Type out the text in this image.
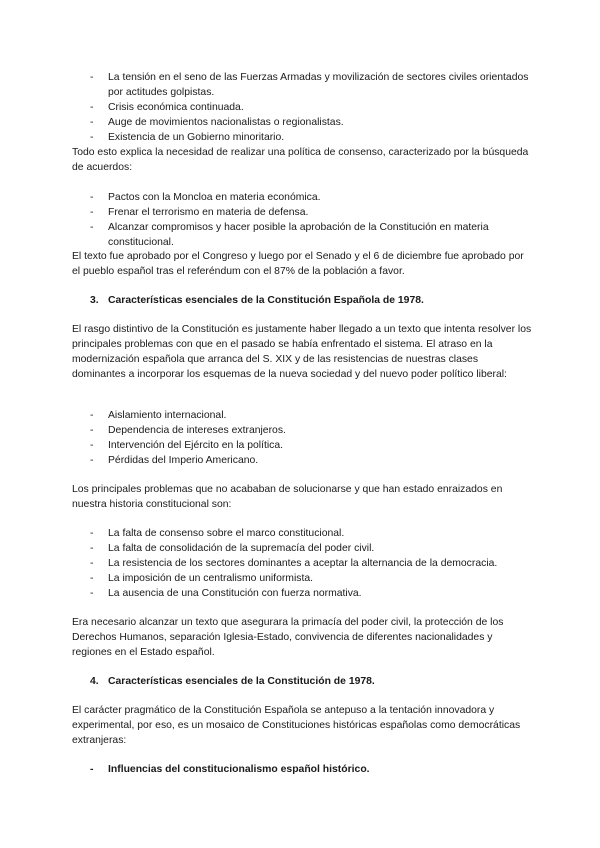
- La tensión en el seno de las Fuerzas Armadas y movilización de sectores civiles orientados por actitudes golpistas.
- Crisis económica continuada.
- Auge de movimientos nacionalistas o regionalistas.
- Existencia de un Gobierno minoritario.

Todo esto explica la necesidad de realizar una política de consenso, caracterizado por la búsqueda de acuerdos:

- Pactos con la Moncloa en materia económica.
- Frenar el terrorismo en materia de defensa.
- Alcanzar compromisos y hacer posible la aprobación de la Constitución en materia constitucional.

El texto fue aprobado por el Congreso y luego por el Senado y el 6 de diciembre fue aprobado por el pueblo español tras el referéndum con el 87% de la población a favor.

3. Características esenciales de la Constitución Española de 1978.

El rasgo distintivo de la Constitución es justamente haber llegado a un texto que intenta resolver los principales problemas con que en el pasado se había enfrentado el sistema. El atraso en la modernización española que arranca del S. XIX y de las resistencias de nuestras clases dominantes a incorporar los esquemas de la nueva sociedad y del nuevo poder político liberal:

- Aislamiento internacional.
- Dependencia de intereses extranjeros.
- Intervención del Ejército en la política.
- Pérdidas del Imperio Americano.

Los principales problemas que no acababan de solucionarse y que han estado enraizados en nuestra historia constitucional son:

- La falta de consenso sobre el marco constitucional.
- La falta de consolidación de la supremacía del poder civil.
- La resistencia de los sectores dominantes a aceptar la alternancia de la democracia.
- La imposición de un centralismo uniformista.
- La ausencia de una Constitución con fuerza normativa.

Era necesario alcanzar un texto que asegurara la primacía del poder civil, la protección de los Derechos Humanos, separación Iglesia-Estado, convivencia de diferentes nacionalidades y regiones en el Estado español.

4. Características esenciales de la Constitución de 1978.

El carácter pragmático de la Constitución Española se antepuso a la tentación innovadora y experimental, por eso, es un mosaico de Constituciones históricas españolas como democráticas extranjeras:

- Influencias del constitucionalismo español histórico.
